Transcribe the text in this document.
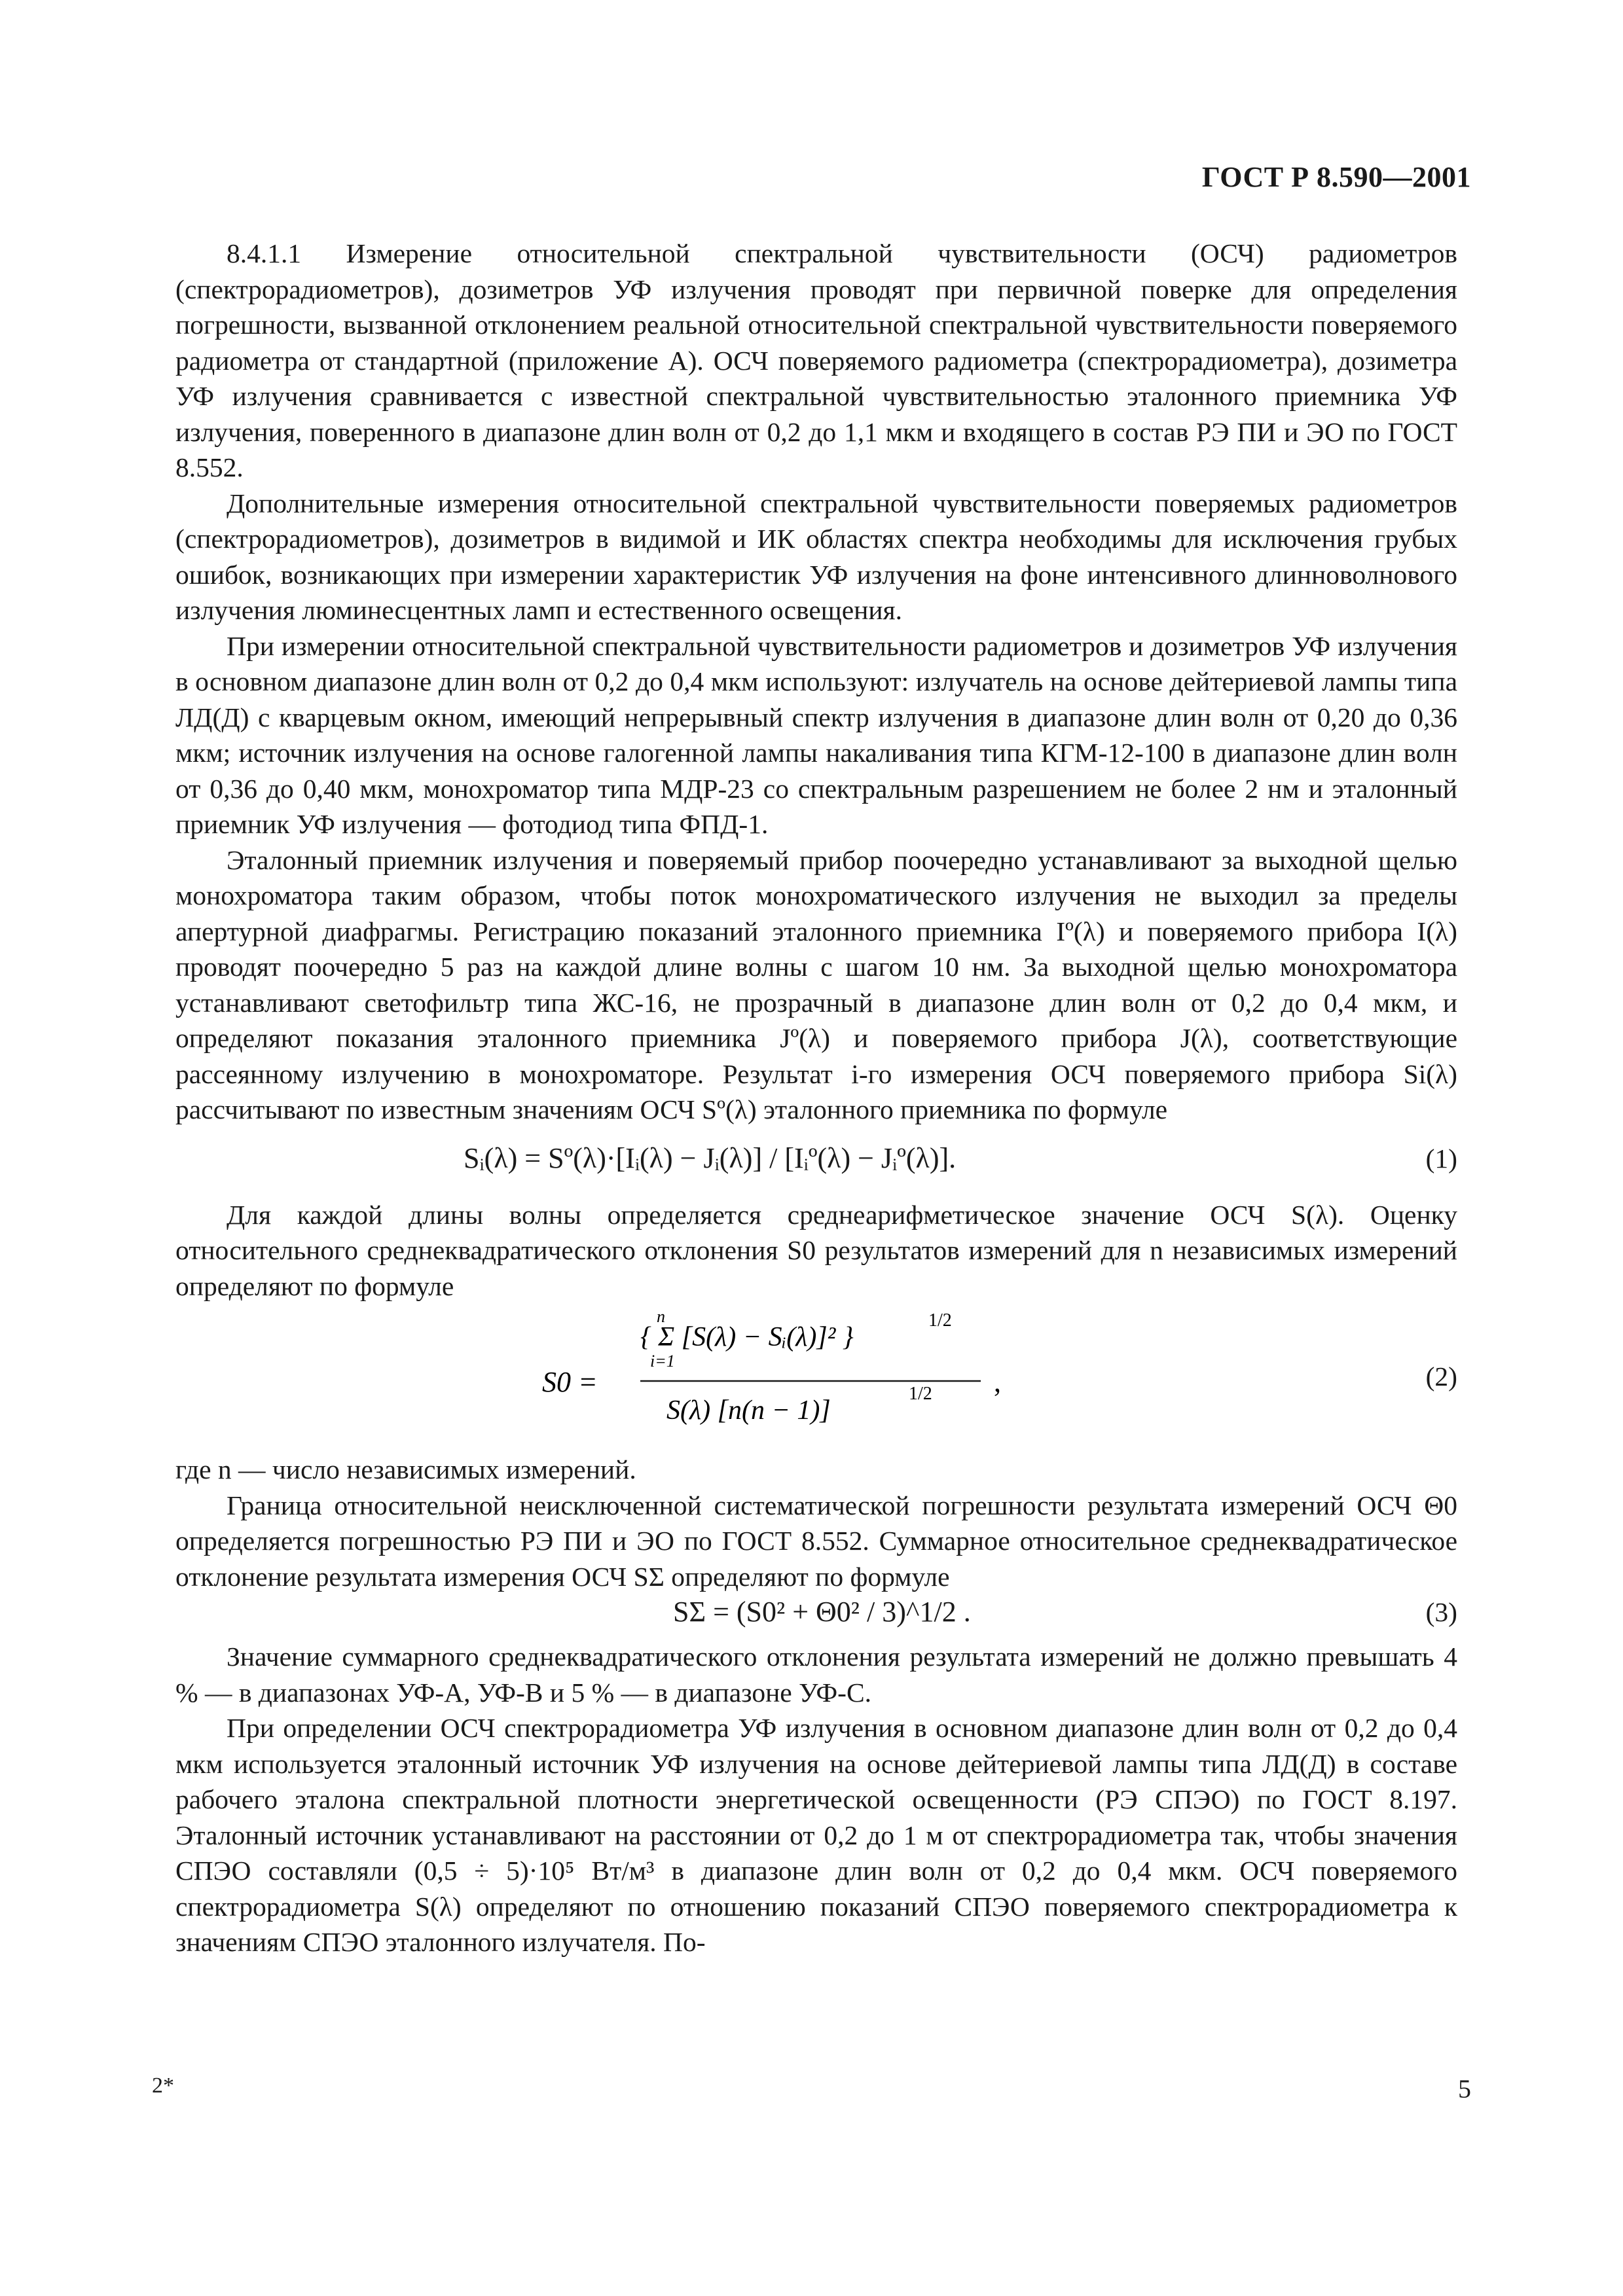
ГОСТ Р 8.590—2001

8.4.1.1 Измерение относительной спектральной чувствительности (ОСЧ) радиометров (спектрорадиометров), дозиметров УФ излучения проводят при первичной поверке для определения погрешности, вызванной отклонением реальной относительной спектральной чувствительности поверяемого радиометра от стандартной (приложение А). ОСЧ поверяемого радиометра (спектрорадиометра), дозиметра УФ излучения сравнивается с известной спектральной чувствительностью эталонного приемника УФ излучения, поверенного в диапазоне длин волн от 0,2 до 1,1 мкм и входящего в состав РЭ ПИ и ЭО по ГОСТ 8.552.

Дополнительные измерения относительной спектральной чувствительности поверяемых радиометров (спектрорадиометров), дозиметров в видимой и ИК областях спектра необходимы для исключения грубых ошибок, возникающих при измерении характеристик УФ излучения на фоне интенсивного длинноволнового излучения люминесцентных ламп и естественного освещения.

При измерении относительной спектральной чувствительности радиометров и дозиметров УФ излучения в основном диапазоне длин волн от 0,2 до 0,4 мкм используют: излучатель на основе дейтериевой лампы типа ЛД(Д) с кварцевым окном, имеющий непрерывный спектр излучения в диапазоне длин волн от 0,20 до 0,36 мкм; источник излучения на основе галогенной лампы накаливания типа КГМ-12-100 в диапазоне длин волн от 0,36 до 0,40 мкм, монохроматор типа МДР-23 со спектральным разрешением не более 2 нм и эталонный приемник УФ излучения — фотодиод типа ФПД-1.

Эталонный приемник излучения и поверяемый прибор поочередно устанавливают за выходной щелью монохроматора таким образом, чтобы поток монохроматического излучения не выходил за пределы апертурной диафрагмы. Регистрацию показаний эталонного приемника Iº(λ) и поверяемого прибора I(λ) проводят поочередно 5 раз на каждой длине волны с шагом 10 нм. За выходной щелью монохроматора устанавливают светофильтр типа ЖС-16, не прозрачный в диапазоне длин волн от 0,2 до 0,4 мкм, и определяют показания эталонного приемника Jº(λ) и поверяемого прибора J(λ), соответствующие рассеянному излучению в монохроматоре. Результат i-го измерения ОСЧ поверяемого прибора Si(λ) рассчитывают по известным значениям ОСЧ Sº(λ) эталонного приемника по формуле

Sᵢ(λ) = Sº(λ)·[Iᵢ(λ) − Jᵢ(λ)] / [Iᵢº(λ) − Jᵢº(λ)].	(1)

Для каждой длины волны определяется среднеарифметическое значение ОСЧ S(λ). Оценку относительного среднеквадратического отклонения S0 результатов измерений для n независимых измерений определяют по формуле

S0 =
{ Σ [S(λ) − Sᵢ(λ)]² }
n
i=1
1/2
S(λ) [n(n − 1)]
1/2 ,	(2)

где n — число независимых измерений.

Граница относительной неисключенной систематической погрешности результата измерений ОСЧ Θ0 определяется погрешностью РЭ ПИ и ЭО по ГОСТ 8.552. Суммарное относительное среднеквадратическое отклонение результата измерения ОСЧ SΣ определяют по формуле

SΣ = (S0² + Θ0² / 3)^1/2 .	(3)

Значение суммарного среднеквадратического отклонения результата измерений не должно превышать 4 % — в диапазонах УФ-А, УФ-В и 5 % — в диапазоне УФ-С.

При определении ОСЧ спектрорадиометра УФ излучения в основном диапазоне длин волн от 0,2 до 0,4 мкм используется эталонный источник УФ излучения на основе дейтериевой лампы типа ЛД(Д) в составе рабочего эталона спектральной плотности энергетической освещенности (РЭ СПЭО) по ГОСТ 8.197. Эталонный источник устанавливают на расстоянии от 0,2 до 1 м от спектрорадиометра так, чтобы значения СПЭО составляли (0,5 ÷ 5)·10⁵ Вт/м³ в диапазоне длин волн от 0,2 до 0,4 мкм. ОСЧ поверяемого спектрорадиометра S(λ) определяют по отношению показаний СПЭО поверяемого спектрорадиометра к значениям СПЭО эталонного излучателя. По-

2*	5
